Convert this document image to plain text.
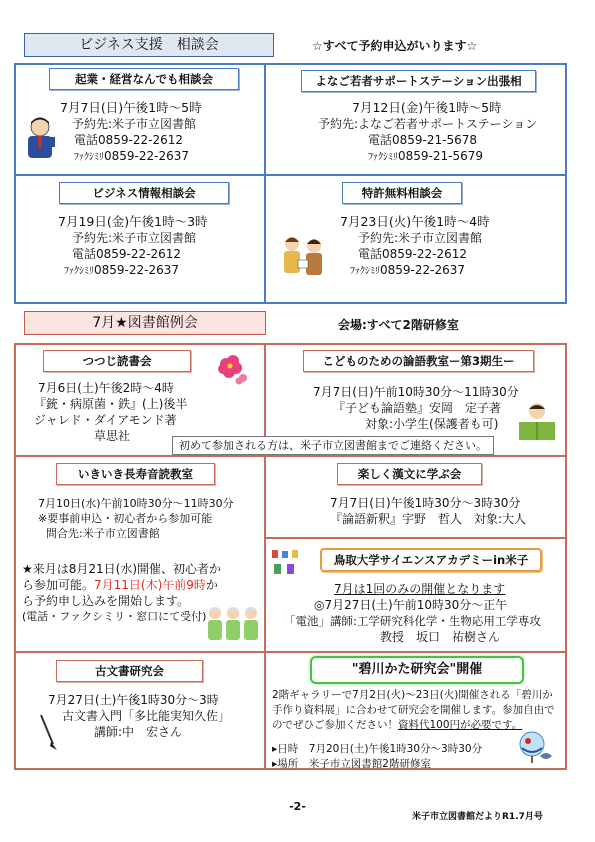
ビジネス支援　相談会	☆すべて予約申込がいります☆
起業・経営なんでも相談会
7月7日(日)午後1時～5時
予約先:米子市立図書館
電話0859-22-2612
ﾌｧｸｼﾐﾘ0859-22-2637
よなご若者サポートステーション出張相
7月12日(金)午後1時～5時
予約先:よなご若者サポートステーション
電話0859-21-5678
ﾌｧｸｼﾐﾘ0859-21-5679
ビジネス情報相談会
7月19日(金)午後1時～3時
予約先:米子市立図書館
電話0859-22-2612
ﾌｧｸｼﾐﾘ0859-22-2637
特許無料相談会
7月23日(火)午後1時～4時
予約先:米子市立図書館
電話0859-22-2612
ﾌｧｸｼﾐﾘ0859-22-2637
7月★図書館例会	会場:すべて2階研修室
つつじ読書会
7月6日(土)午後2時～4時
『銃・病原菌・鉄』(上)後半
ジャレド・ダイアモンド著
草思社
こどものための論語教室ー第3期生ー
7月7日(日)午前10時30分～11時30分
『子ども論語塾』安岡　定子著
対象:小学生(保護者も可)
初めて参加される方は、米子市立図書館までご連絡ください。
いきいき長寿音読教室
7月10日(水)午前10時30分～11時30分
※要事前申込・初心者から参加可能
問合先:米子市立図書館
★来月は8月21日(水)開催、初心者か
ら参加可能。7月11日(木)午前9時か
ら予約申し込みを開始します。
(電話・ファクシミリ・窓口にて受付)
楽しく漢文に学ぶ会
7月7日(日)午後1時30分～3時30分
『論語新釈』宇野　哲人　対象:大人
鳥取大学サイエンスアカデミーin米子
7月は1回のみの開催となります
◎7月27日(土)午前10時30分～正午
「電池」講師:工学研究科化学・生物応用工学専攻
教授　坂口　祐樹さん
古文書研究会
7月27日(土)午後1時30分～3時
古文書入門「多比能実知久佐」
講師:中　宏さん
"碧川かた研究会"開催
2階ギャラリーで7月2日(火)～23日(火)開催される「碧川か
手作り資料展」に合わせて研究会を開催します。参加自由で
のでぜひご参加ください！資料代100円が必要です。
▸日時　7月20日(土)午後1時30分～3時30分
▸場所　米子市立図書館2階研修室
-2-
米子市立図書館だよりR1.7月号
